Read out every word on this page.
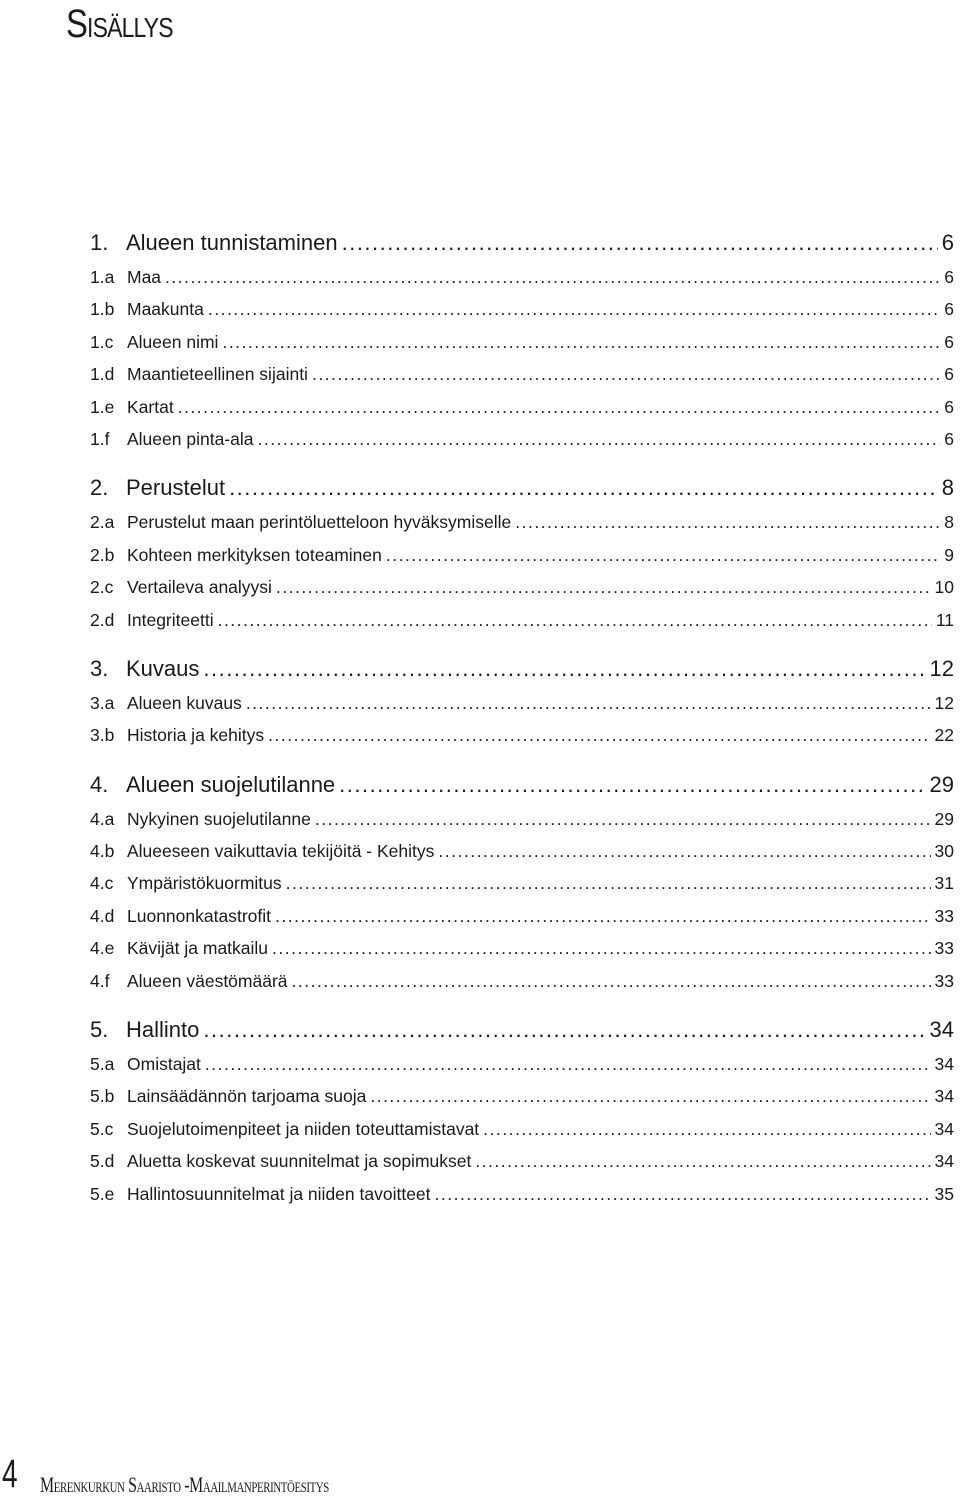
Sisällys
1. Alueen tunnistaminen .....	6
1.a Maa .....	6
1.b Maakunta .....	6
1.c Alueen nimi .....	6
1.d Maantieteellinen sijainti .....	6
1.e Kartat .....	6
1.f	Alueen pinta-ala .....	6
2. Perustelut .....	8
2.a Perustelut maan perintöluetteloon hyväksymiselle .....	8
2.b Kohteen merkityksen toteaminen .....	9
2.c Vertaileva analyysi .....	10
2.d Integriteetti .....	11
3. Kuvaus .....	12
3.a Alueen kuvaus .....	12
3.b Historia ja kehitys .....	22
4. Alueen suojelutilanne .....	29
4.a Nykyinen suojelutilanne .....	29
4.b Alueeseen vaikuttavia tekijöitä - Kehitys .....	30
4.c Ympäristökuormitus .....	31
4.d Luonnonkatastrofit .....	33
4.e Kävijät ja matkailu .....	33
4.f	Alueen väestömäärä .....	33
5. Hallinto .....	34
5.a Omistajat .....	34
5.b Lainsäädännön tarjoama suoja .....	34
5.c Suojelutoimenpiteet ja niiden toteuttamistavat .....	34
5.d Aluetta koskevat suunnitelmat ja sopimukset .....	34
5.e Hallintosuunnitelmat ja niiden tavoitteet .....	35
4 Merenkurkun Saaristo -Maailmanperintöesitys
